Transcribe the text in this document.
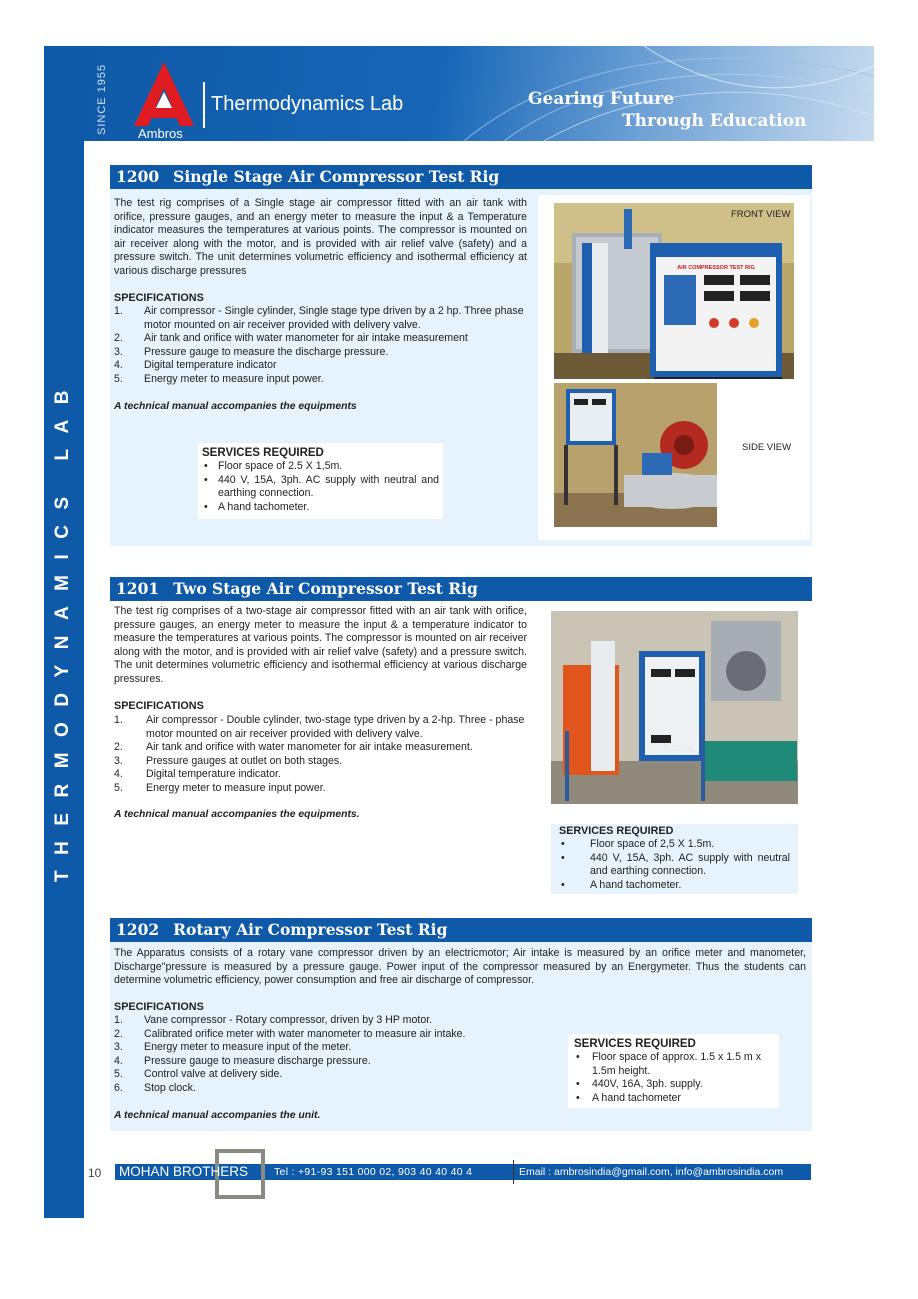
THERMODYNAMICS LAB
SINCE 1955 Ambros
Thermodynamics Lab	Gearing Future
Through Education
1200 Single Stage Air Compressor Test Rig
The test rig comprises of a Single stage air compressor fitted with an air tank with orifice, pressure gauges, and an energy meter to measure the input & a Temperature indicator measures the temperatures at various points. The compressor is mounted on air receiver along with the motor, and is provided with air relief valve (safety) and a pressure switch. The unit determines volumetric efficiency and isothermal efficiency at various discharge pressures
SPECIFICATIONS
1. Air compressor - Single cylinder, Single stage type driven by a 2 hp. Three phase motor mounted on air receiver provided with delivery valve.
2. Air tank and orifice with water manometer for air intake measurement
3. Pressure gauge to measure the discharge pressure.
4. Digital temperature indicator
5. Energy meter to measure input power.
A technical manual accompanies the equipments
SERVICES REQUIRED
• Floor space of 2.5 X 1,5m.
• 440 V, 15A, 3ph. AC supply with neutral and earthing connection.
• A hand tachometer.
AIR COMPRESSOR TEST RIG
FRONT VIEW
SIDE VIEW
1201 Two Stage Air Compressor Test Rig
The test rig comprises of a two-stage air compressor fitted with an air tank with orifice, pressure gauges, an energy meter to measure the input & a temperature indicator to measure the temperatures at various points. The compressor is mounted on air receiver along with the motor, and is provided with air relief valve (safety) and a pressure switch. The unit determines volumetric efficiency and isothermal efficiency at various discharge pressures.
SPECIFICATIONS
1. Air compressor - Double cylinder, two-stage type driven by a 2-hp. Three - phase motor mounted on air receiver provided with delivery valve.
2. Air tank and orifice with water manometer for air intake measurement.
3. Pressure gauges at outlet on both stages.
4. Digital temperature indicator.
5. Energy meter to measure input power.
A technical manual accompanies the equipments.
Ambros
SERVICES REQUIRED
• Floor space of 2,5 X 1.5m.
• 440 V, 15A, 3ph. AC supply with neutral and earthing connection.
• A hand tachometer.
1202 Rotary Air Compressor Test Rig
The Apparatus consists of a rotary vane compressor driven by an electricmotor; Air intake is measured by an orifice meter and manometer, Discharge"pressure is measured by a pressure gauge. Power input of the compressor measured by an Energymeter. Thus the students can determine volumetric efficiency, power consumption and free air discharge of compressor.
SPECIFICATIONS
1. Vane compressor - Rotary compressor, driven by 3 HP motor.
2. Calibrated orifice meter with water manometer to measure air intake.
3. Energy meter to measure input of the meter.
4. Pressure gauge to measure discharge pressure.
5. Control valve at delivery side.
6. Stop clock.
A technical manual accompanies the unit.
SERVICES REQUIRED
• Floor space of approx. 1.5 x 1.5 m x 1.5m height.
• 440V, 16A, 3ph. supply.
• A hand tachometer
10 MOHAN BROTHERS Tel : +91-93 151 000 02, 903 40 40 40 4	Email : ambrosindia@gmail.com, info@ambrosindia.com
